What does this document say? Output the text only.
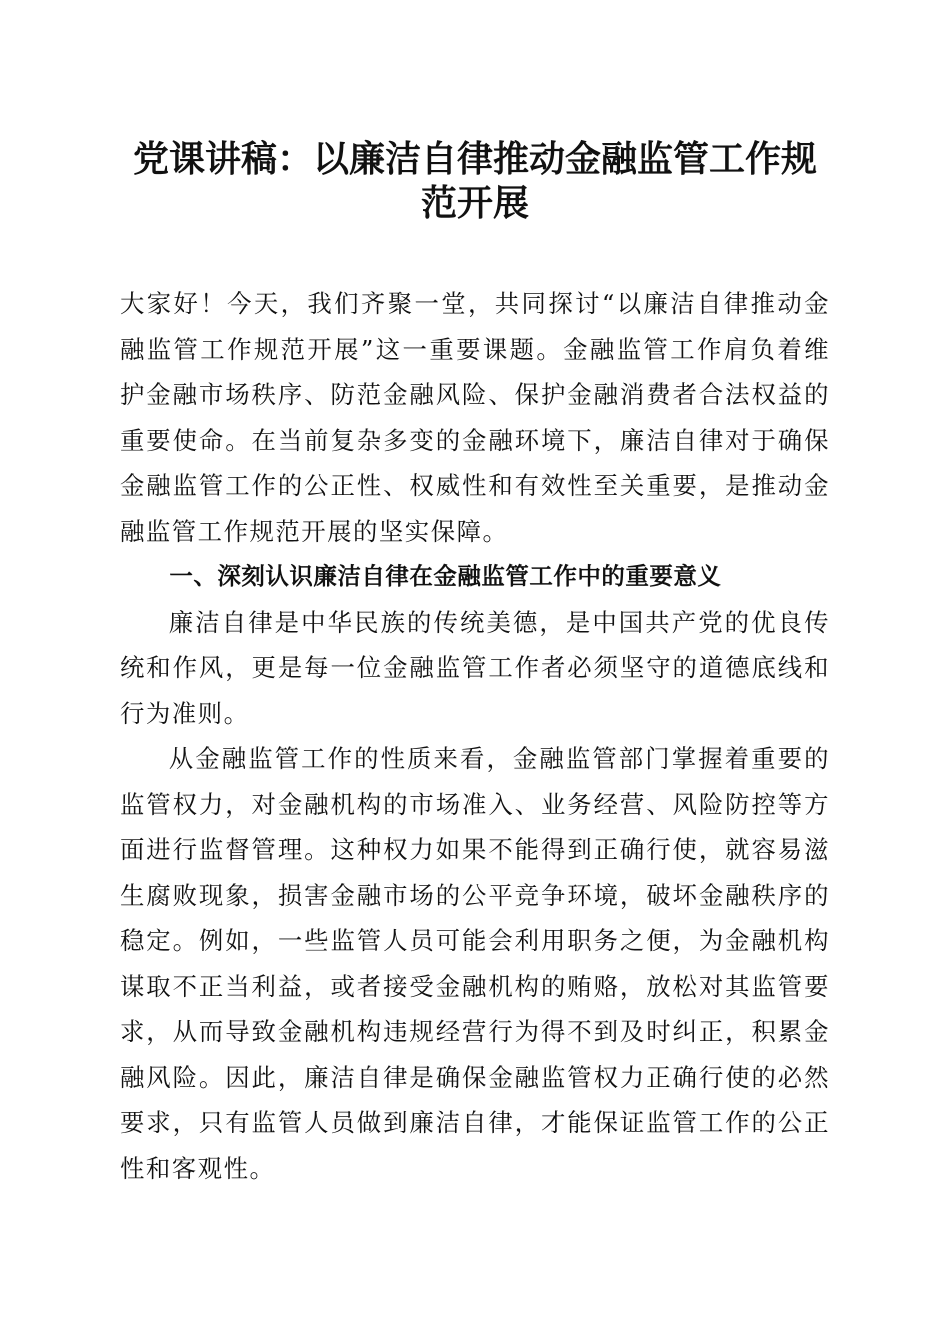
党课讲稿：以廉洁自律推动金融监管工作规范开展

大家好！今天，我们齐聚一堂，共同探讨“以廉洁自律推动金融监管工作规范开展”这一重要课题。金融监管工作肩负着维护金融市场秩序、防范金融风险、保护金融消费者合法权益的重要使命。在当前复杂多变的金融环境下，廉洁自律对于确保金融监管工作的公正性、权威性和有效性至关重要，是推动金融监管工作规范开展的坚实保障。

一、深刻认识廉洁自律在金融监管工作中的重要意义

廉洁自律是中华民族的传统美德，是中国共产党的优良传统和作风，更是每一位金融监管工作者必须坚守的道德底线和行为准则。

从金融监管工作的性质来看，金融监管部门掌握着重要的监管权力，对金融机构的市场准入、业务经营、风险防控等方面进行监督管理。这种权力如果不能得到正确行使，就容易滋生腐败现象，损害金融市场的公平竞争环境，破坏金融秩序的稳定。例如，一些监管人员可能会利用职务之便，为金融机构谋取不正当利益，或者接受金融机构的贿赂，放松对其监管要求，从而导致金融机构违规经营行为得不到及时纠正，积累金融风险。因此，廉洁自律是确保金融监管权力正确行使的必然要求，只有监管人员做到廉洁自律，才能保证监管工作的公正性和客观性。
